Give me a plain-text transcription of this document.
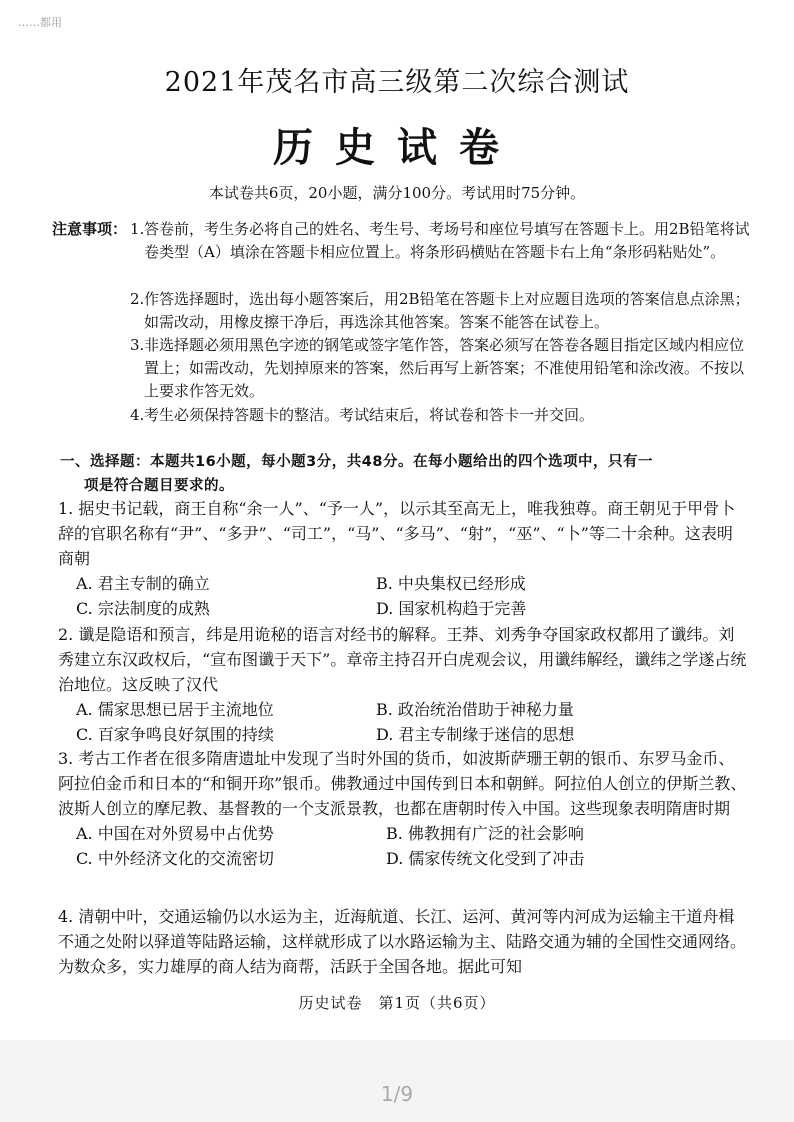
……都用
2021年茂名市高三级第二次综合测试
历史试卷
本试卷共6页，20小题，满分100分。考试用时75分钟。
注意事项： 1. 答卷前，考生务必将自己的姓名、考生号、考场号和座位号填写在答题卡上。用2B铅笔将试卷类型（A）填涂在答题卡相应位置上。将条形码横贴在答题卡右上角“条形码粘贴处”。
2. 作答选择题时，选出每小题答案后，用2B铅笔在答题卡上对应题目选项的答案信息点涂黑；如需改动，用橡皮擦干净后，再选涂其他答案。答案不能答在试卷上。
3. 非选择题必须用黑色字迹的钢笔或签字笔作答，答案必须写在答卷各题目指定区域内相应位置上；如需改动，先划掉原来的答案，然后再写上新答案；不准使用铅笔和涂改液。不按以上要求作答无效。
4. 考生必须保持答题卡的整洁。考试结束后，将试卷和答卡一并交回。
一、选择题：本题共16小题，每小题3分，共48分。在每小题给出的四个选项中，只有一
项是符合题目要求的。
1. 据史书记载，商王自称“余一人”、“予一人”，以示其至高无上，唯我独尊。商王朝见于甲骨卜辞的官职名称有“尹”、“多尹”、“司工”，“马”、“多马”、“射”，“巫”、“卜”等二十余种。这表明商朝
A. 君主专制的确立	B. 中央集权已经形成
C. 宗法制度的成熟	D. 国家机构趋于完善
2. 谶是隐语和预言，纬是用诡秘的语言对经书的解释。王莽、刘秀争夺国家政权都用了谶纬。刘秀建立东汉政权后，“宣布图谶于天下”。章帝主持召开白虎观会议，用谶纬解经，谶纬之学遂占统治地位。这反映了汉代
A. 儒家思想已居于主流地位	B. 政治统治借助于神秘力量
C. 百家争鸣良好氛围的持续	D. 君主专制缘于迷信的思想
3. 考古工作者在很多隋唐遗址中发现了当时外国的货币，如波斯萨珊王朝的银币、东罗马金币、阿拉伯金币和日本的“和铜开珎”银币。佛教通过中国传到日本和朝鲜。阿拉伯人创立的伊斯兰教、波斯人创立的摩尼教、基督教的一个支派景教，也都在唐朝时传入中国。这些现象表明隋唐时期
A. 中国在对外贸易中占优势	B. 佛教拥有广泛的社会影响
C. 中外经济文化的交流密切	D. 儒家传统文化受到了冲击
4. 清朝中叶，交通运输仍以水运为主，近海航道、长江、运河、黄河等内河成为运输主干道舟楫不通之处附以驿道等陆路运输，这样就形成了以水路运输为主、陆路交通为辅的全国性交通网络。为数众多，实力雄厚的商人结为商帮，活跃于全国各地。据此可知
历史试卷　第1页（共6页）
1/9
